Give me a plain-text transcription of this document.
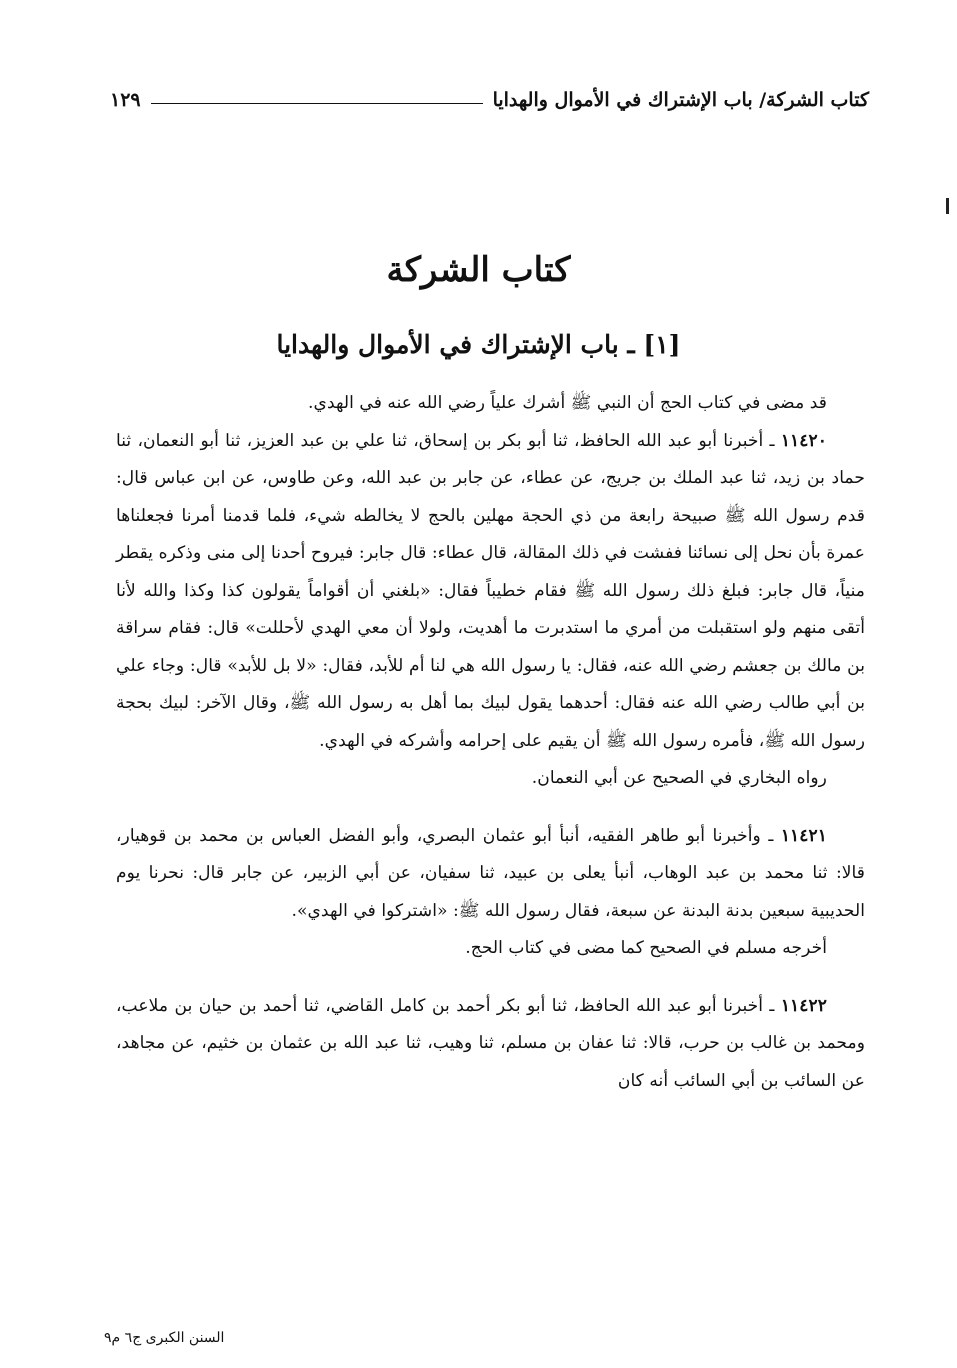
كتاب الشركة/ باب الإشتراك في الأموال والهدايا
١٢٩
كتاب الشركة
[١] ـ باب الإشتراك في الأموال والهدايا

قد مضى في كتاب الحج أن النبي ﷺ أشرك علياً رضي الله عنه في الهدي.

١١٤٢٠ ـ أخبرنا أبو عبد الله الحافظ، ثنا أبو بكر بن إسحاق، ثنا علي بن عبد العزيز، ثنا أبو النعمان، ثنا حماد بن زيد، ثنا عبد الملك بن جريج، عن عطاء، عن جابر بن عبد الله، وعن طاوس، عن ابن عباس قال: قدم رسول الله ﷺ صبيحة رابعة من ذي الحجة مهلين بالحج لا يخالطه شيء، فلما قدمنا أمرنا فجعلناها عمرة بأن نحل إلى نسائنا ففشت في ذلك المقالة، قال عطاء: قال جابر: فيروح أحدنا إلى منى وذكره يقطر منياً، قال جابر: فبلغ ذلك رسول الله ﷺ فقام خطيباً فقال: «بلغني أن أقواماً يقولون كذا وكذا والله لأنا أتقى منهم ولو استقبلت من أمري ما استدبرت ما أهديت، ولولا أن معي الهدي لأحللت» قال: فقام سراقة بن مالك بن جعشم رضي الله عنه، فقال: يا رسول الله هي لنا أم للأبد، فقال: «لا بل للأبد» قال: وجاء علي بن أبي طالب رضي الله عنه فقال: أحدهما يقول لبيك بما أهل به رسول الله ﷺ، وقال الآخر: لبيك بحجة رسول الله ﷺ، فأمره رسول الله ﷺ أن يقيم على إحرامه وأشركه في الهدي.

رواه البخاري في الصحيح عن أبي النعمان.

١١٤٢١ ـ وأخبرنا أبو طاهر الفقيه، أنبأ أبو عثمان البصري، وأبو الفضل العباس بن محمد بن قوهيار، قالا: ثنا محمد بن عبد الوهاب، أنبأ يعلى بن عبيد، ثنا سفيان، عن أبي الزبير، عن جابر قال: نحرنا يوم الحديبية سبعين بدنة البدنة عن سبعة، فقال رسول الله ﷺ: «اشتركوا في الهدي».

أخرجه مسلم في الصحيح كما مضى في كتاب الحج.

١١٤٢٢ ـ أخبرنا أبو عبد الله الحافظ، ثنا أبو بكر أحمد بن كامل القاضي، ثنا أحمد بن حيان بن ملاعب، ومحمد بن غالب بن حرب، قالا: ثنا عفان بن مسلم، ثنا وهيب، ثنا عبد الله بن عثمان بن خثيم، عن مجاهد، عن السائب بن أبي السائب أنه كان

السنن الكبرى ج٦ م٩
